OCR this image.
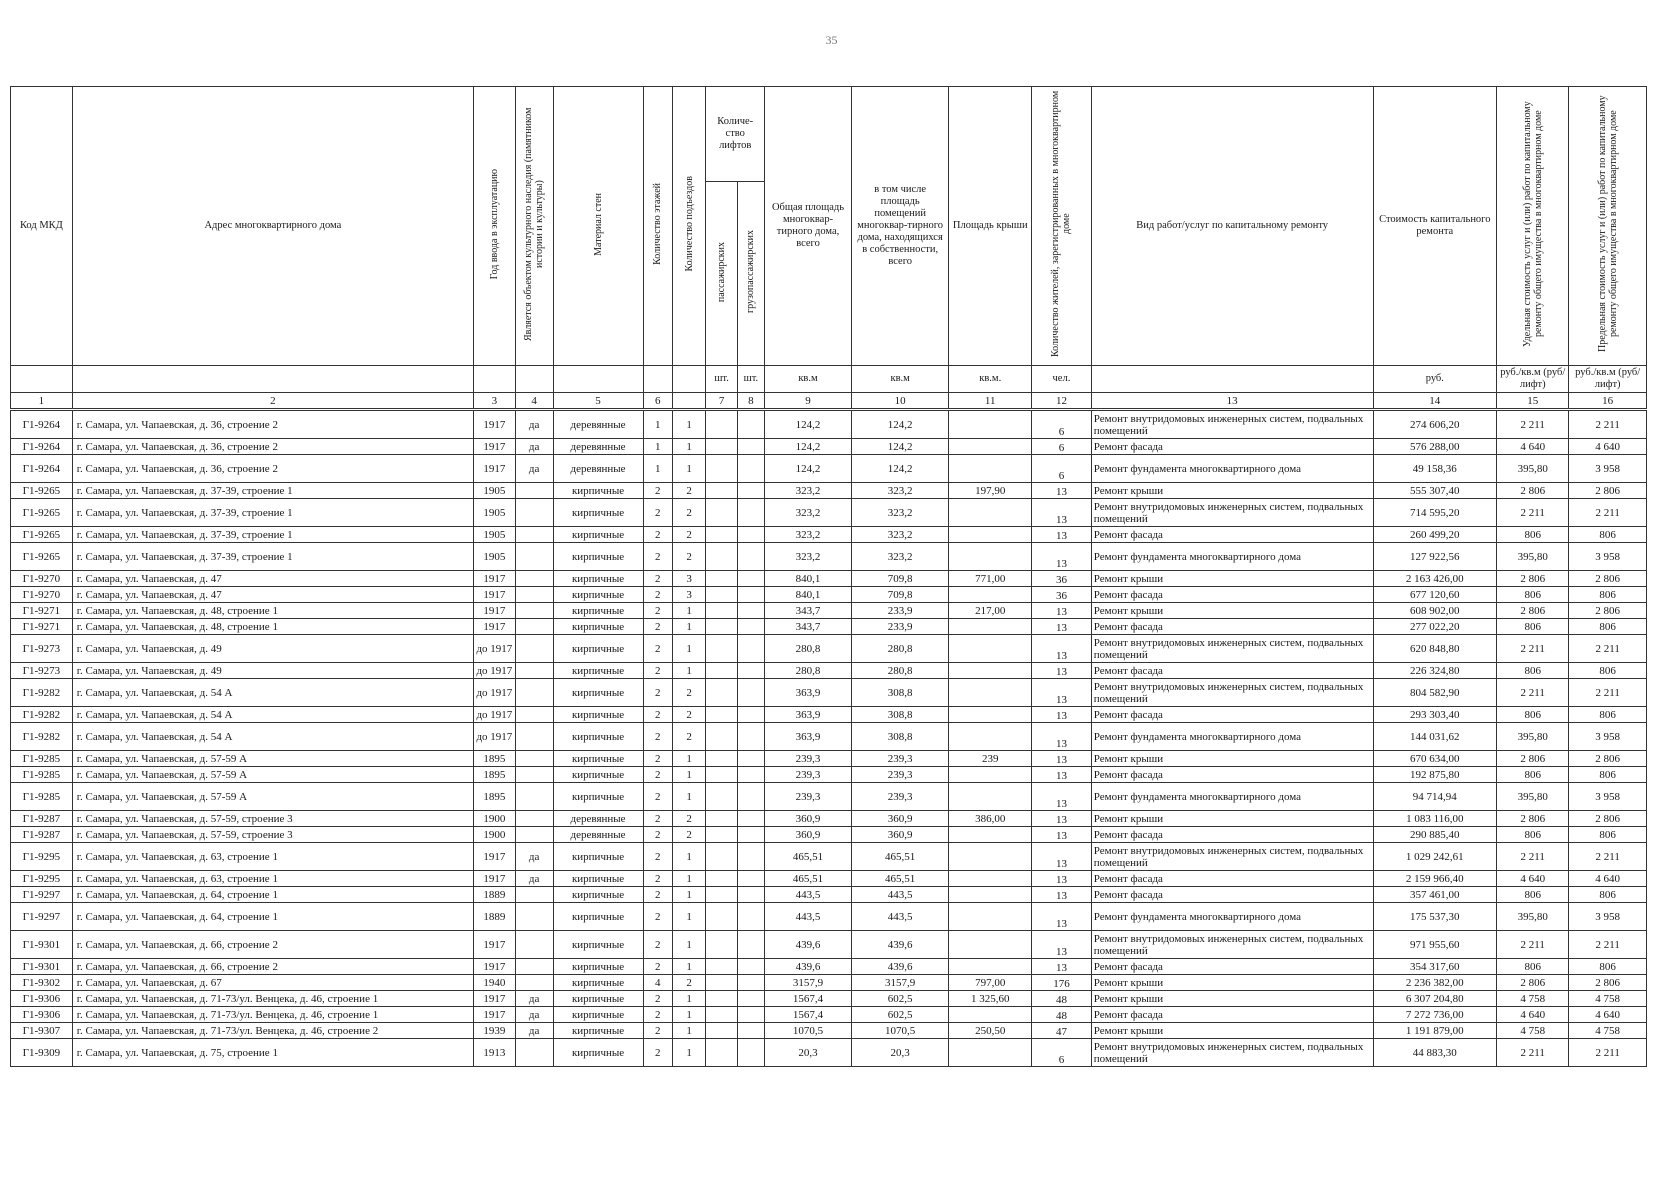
35
Код МКД	Адрес многоквартирного дома	Год ввода в эксплуатацию	Является объектом культурного наследия (памятником истории и культуры)	Материал стен	Количество этажей	Количество подъездов	Количе-ство лифтов		Общая площадь многоквар-тирного дома, всего	в том числе площадь помещений многоквар-тирного дома, находящихся в собственности, всего	Площадь крыши	Количество жителей, зарегистрированных в многоквартирном доме	Вид работ/услуг по капитальному ремонту	Стоимость капитального ремонта	Удельная стоимость услуг и (или) работ по капитальному ремонту общего имущества в многоквартирном доме	Предельная стоимость услуг и (или) работ по капитальному ремонту общего имущества в многоквартирном доме
							пассажирских	грузопассажирских								
							шт.	шт.	кв.м	кв.м	кв.м.	чел.		руб.	руб./кв.м (руб/лифт)	руб./кв.м (руб/лифт)
1	2	3	4	5	6		7	8	9	10	11	12	13	14	15	16
Г1-9264	г. Самара, ул. Чапаевская, д. 36, строение 2	1917	да	деревянные	1	1			124,2	124,2		6	Ремонт внутридомовых инженерных систем, подвальных помещений	274 606,20	2 211	2 211
Г1-9264	г. Самара, ул. Чапаевская, д. 36, строение 2	1917	да	деревянные	1	1			124,2	124,2		6	Ремонт фасада	576 288,00	4 640	4 640
Г1-9264	г. Самара, ул. Чапаевская, д. 36, строение 2	1917	да	деревянные	1	1			124,2	124,2		6	Ремонт фундамента многоквартирного дома	49 158,36	395,80	3 958
Г1-9265	г. Самара, ул. Чапаевская, д. 37-39, строение 1	1905		кирпичные	2	2			323,2	323,2	197,90	13	Ремонт крыши	555 307,40	2 806	2 806
Г1-9265	г. Самара, ул. Чапаевская, д. 37-39, строение 1	1905		кирпичные	2	2			323,2	323,2		13	Ремонт внутридомовых инженерных систем, подвальных помещений	714 595,20	2 211	2 211
Г1-9265	г. Самара, ул. Чапаевская, д. 37-39, строение 1	1905		кирпичные	2	2			323,2	323,2		13	Ремонт фасада	260 499,20	806	806
Г1-9265	г. Самара, ул. Чапаевская, д. 37-39, строение 1	1905		кирпичные	2	2			323,2	323,2		13	Ремонт фундамента многоквартирного дома	127 922,56	395,80	3 958
Г1-9270	г. Самара, ул. Чапаевская, д. 47	1917		кирпичные	2	3			840,1	709,8	771,00	36	Ремонт крыши	2 163 426,00	2 806	2 806
Г1-9270	г. Самара, ул. Чапаевская, д. 47	1917		кирпичные	2	3			840,1	709,8		36	Ремонт фасада	677 120,60	806	806
Г1-9271	г. Самара, ул. Чапаевская, д. 48, строение 1	1917		кирпичные	2	1			343,7	233,9	217,00	13	Ремонт крыши	608 902,00	2 806	2 806
Г1-9271	г. Самара, ул. Чапаевская, д. 48, строение 1	1917		кирпичные	2	1			343,7	233,9		13	Ремонт фасада	277 022,20	806	806
Г1-9273	г. Самара, ул. Чапаевская, д. 49	до 1917		кирпичные	2	1			280,8	280,8		13	Ремонт внутридомовых инженерных систем, подвальных помещений	620 848,80	2 211	2 211
Г1-9273	г. Самара, ул. Чапаевская, д. 49	до 1917		кирпичные	2	1			280,8	280,8		13	Ремонт фасада	226 324,80	806	806
Г1-9282	г. Самара, ул. Чапаевская, д. 54 А	до 1917		кирпичные	2	2			363,9	308,8		13	Ремонт внутридомовых инженерных систем, подвальных помещений	804 582,90	2 211	2 211
Г1-9282	г. Самара, ул. Чапаевская, д. 54 А	до 1917		кирпичные	2	2			363,9	308,8		13	Ремонт фасада	293 303,40	806	806
Г1-9282	г. Самара, ул. Чапаевская, д. 54 А	до 1917		кирпичные	2	2			363,9	308,8		13	Ремонт фундамента многоквартирного дома	144 031,62	395,80	3 958
Г1-9285	г. Самара, ул. Чапаевская, д. 57-59 А	1895		кирпичные	2	1			239,3	239,3	239	13	Ремонт крыши	670 634,00	2 806	2 806
Г1-9285	г. Самара, ул. Чапаевская, д. 57-59 А	1895		кирпичные	2	1			239,3	239,3		13	Ремонт фасада	192 875,80	806	806
Г1-9285	г. Самара, ул. Чапаевская, д. 57-59 А	1895		кирпичные	2	1			239,3	239,3		13	Ремонт фундамента многоквартирного дома	94 714,94	395,80	3 958
Г1-9287	г. Самара, ул. Чапаевская, д. 57-59, строение 3	1900		деревянные	2	2			360,9	360,9	386,00	13	Ремонт крыши	1 083 116,00	2 806	2 806
Г1-9287	г. Самара, ул. Чапаевская, д. 57-59, строение 3	1900		деревянные	2	2			360,9	360,9		13	Ремонт фасада	290 885,40	806	806
Г1-9295	г. Самара, ул. Чапаевская, д. 63, строение 1	1917	да	кирпичные	2	1			465,51	465,51		13	Ремонт внутридомовых инженерных систем, подвальных помещений	1 029 242,61	2 211	2 211
Г1-9295	г. Самара, ул. Чапаевская, д. 63, строение 1	1917	да	кирпичные	2	1			465,51	465,51		13	Ремонт фасада	2 159 966,40	4 640	4 640
Г1-9297	г. Самара, ул. Чапаевская, д. 64, строение 1	1889		кирпичные	2	1			443,5	443,5		13	Ремонт фасада	357 461,00	806	806
Г1-9297	г. Самара, ул. Чапаевская, д. 64, строение 1	1889		кирпичные	2	1			443,5	443,5		13	Ремонт фундамента многоквартирного дома	175 537,30	395,80	3 958
Г1-9301	г. Самара, ул. Чапаевская, д. 66, строение 2	1917		кирпичные	2	1			439,6	439,6		13	Ремонт внутридомовых инженерных систем, подвальных помещений	971 955,60	2 211	2 211
Г1-9301	г. Самара, ул. Чапаевская, д. 66, строение 2	1917		кирпичные	2	1			439,6	439,6		13	Ремонт фасада	354 317,60	806	806
Г1-9302	г. Самара, ул. Чапаевская, д. 67	1940		кирпичные	4	2			3157,9	3157,9	797,00	176	Ремонт крыши	2 236 382,00	2 806	2 806
Г1-9306	г. Самара, ул. Чапаевская, д. 71-73/ул. Венцека, д. 46, строение 1	1917	да	кирпичные	2	1			1567,4	602,5	1 325,60	48	Ремонт крыши	6 307 204,80	4 758	4 758
Г1-9306	г. Самара, ул. Чапаевская, д. 71-73/ул. Венцека, д. 46, строение 1	1917	да	кирпичные	2	1			1567,4	602,5		48	Ремонт фасада	7 272 736,00	4 640	4 640
Г1-9307	г. Самара, ул. Чапаевская, д. 71-73/ул. Венцека, д. 46, строение 2	1939	да	кирпичные	2	1			1070,5	1070,5	250,50	47	Ремонт крыши	1 191 879,00	4 758	4 758
Г1-9309	г. Самара, ул. Чапаевская, д. 75, строение 1	1913		кирпичные	2	1			20,3	20,3		6	Ремонт внутридомовых инженерных систем, подвальных помещений	44 883,30	2 211	2 211
